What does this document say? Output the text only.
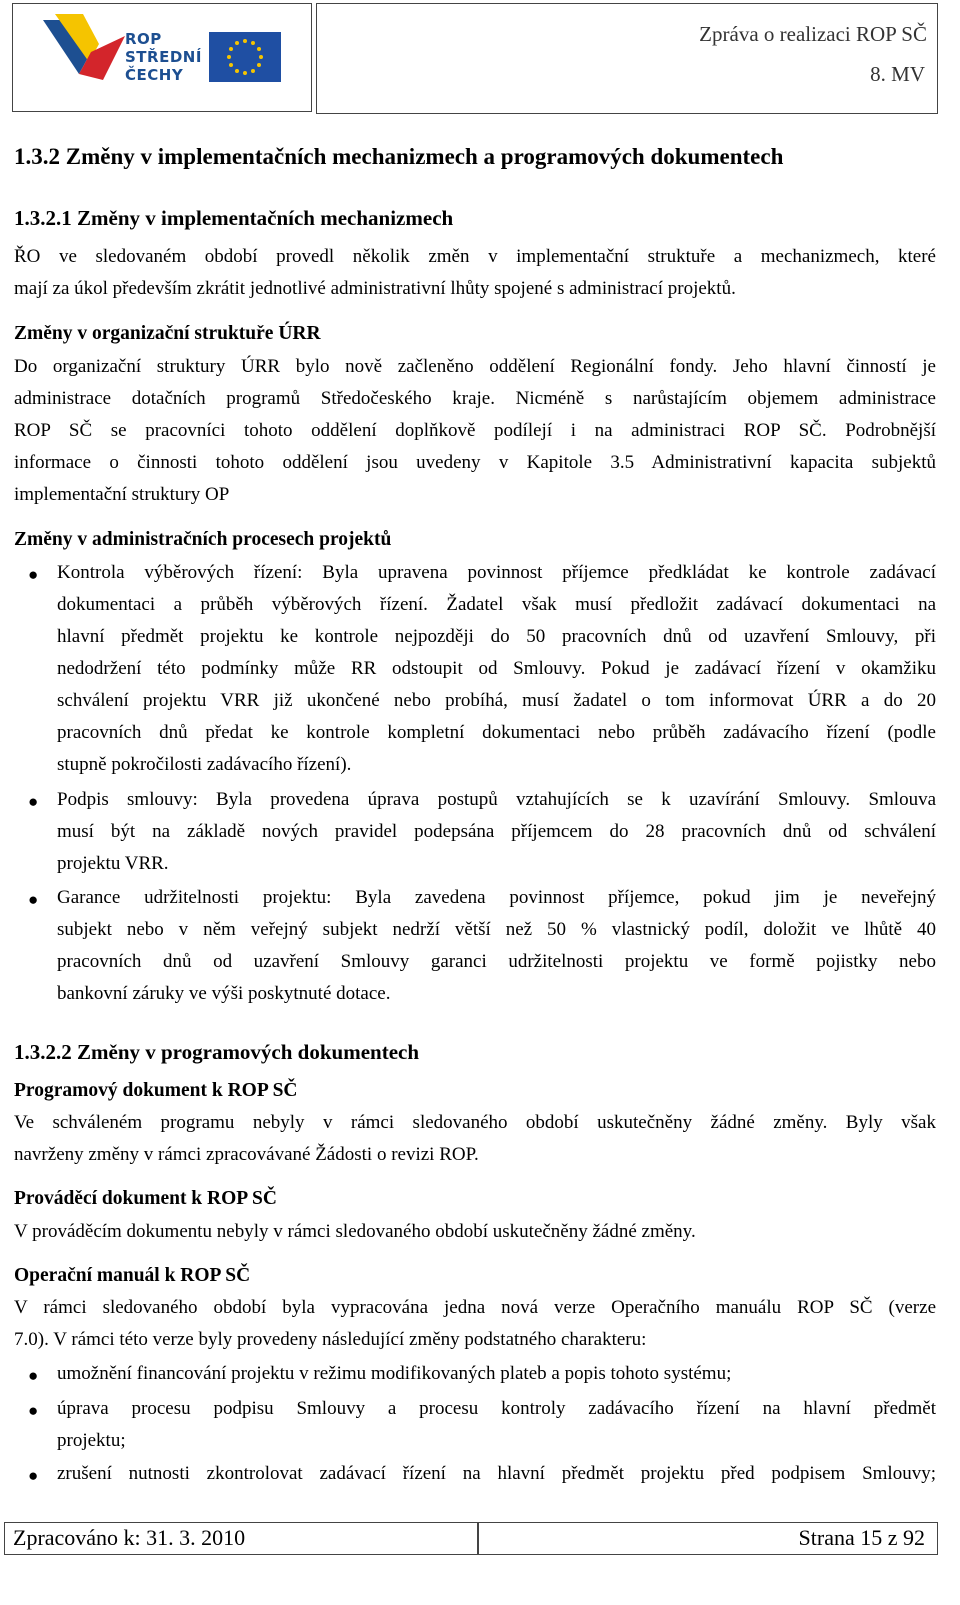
ROP
STŘEDNÍ
ČECHY
Zpráva o realizaci ROP SČ
8. MV
1.3.2 Změny v implementačních mechanizmech a programových dokumentech
1.3.2.1 Změny v implementačních mechanizmech
ŘO ve sledovaném období provedl několik změn v implementační struktuře a mechanizmech, které
mají za úkol především zkrátit jednotlivé administrativní lhůty spojené s administrací projektů.
Změny v organizační struktuře ÚRR
Do organizační struktury ÚRR bylo nově začleněno oddělení Regionální fondy. Jeho hlavní činností je
administrace dotačních programů Středočeského kraje. Nicméně s narůstajícím objemem administrace
ROP SČ se pracovníci tohoto oddělení doplňkově podílejí i na administraci ROP SČ. Podrobnější
informace o činnosti tohoto oddělení jsou uvedeny v Kapitole 3.5 Administrativní kapacita subjektů
implementační struktury OP
Změny v administračních procesech projektů
● Kontrola výběrových řízení: Byla upravena povinnost příjemce předkládat ke kontrole zadávací
dokumentaci a průběh výběrových řízení. Žadatel však musí předložit zadávací dokumentaci na
hlavní předmět projektu ke kontrole nejpozději do 50 pracovních dnů od uzavření Smlouvy, při
nedodržení této podmínky může RR odstoupit od Smlouvy. Pokud je zadávací řízení v okamžiku
schválení projektu VRR již ukončené nebo probíhá, musí žadatel o tom informovat ÚRR a do 20
pracovních dnů předat ke kontrole kompletní dokumentaci nebo průběh zadávacího řízení (podle
stupně pokročilosti zadávacího řízení).
● Podpis smlouvy: Byla provedena úprava postupů vztahujících se k uzavírání Smlouvy. Smlouva
musí být na základě nových pravidel podepsána příjemcem do 28 pracovních dnů od schválení
projektu VRR.
● Garance udržitelnosti projektu: Byla zavedena povinnost příjemce, pokud jim je neveřejný
subjekt nebo v něm veřejný subjekt nedrží větší než 50 % vlastnický podíl, doložit ve lhůtě 40
pracovních dnů od uzavření Smlouvy garanci udržitelnosti projektu ve formě pojistky nebo
bankovní záruky ve výši poskytnuté dotace.
1.3.2.2 Změny v programových dokumentech
Programový dokument k ROP SČ
Ve schváleném programu nebyly v rámci sledovaného období uskutečněny žádné změny. Byly však
navrženy změny v rámci zpracovávané Žádosti o revizi ROP.
Prováděcí dokument k ROP SČ
V prováděcím dokumentu nebyly v rámci sledovaného období uskutečněny žádné změny.
Operační manuál k ROP SČ
V rámci sledovaného období byla vypracována jedna nová verze Operačního manuálu ROP SČ (verze
7.0). V rámci této verze byly provedeny následující změny podstatného charakteru:
● umožnění financování projektu v režimu modifikovaných plateb a popis tohoto systému;
● úprava procesu podpisu Smlouvy a procesu kontroly zadávacího řízení na hlavní předmět
projektu;
● zrušení nutnosti zkontrolovat zadávací řízení na hlavní předmět projektu před podpisem Smlouvy;
Zpracováno k: 31. 3. 2010	Strana 15 z 92
